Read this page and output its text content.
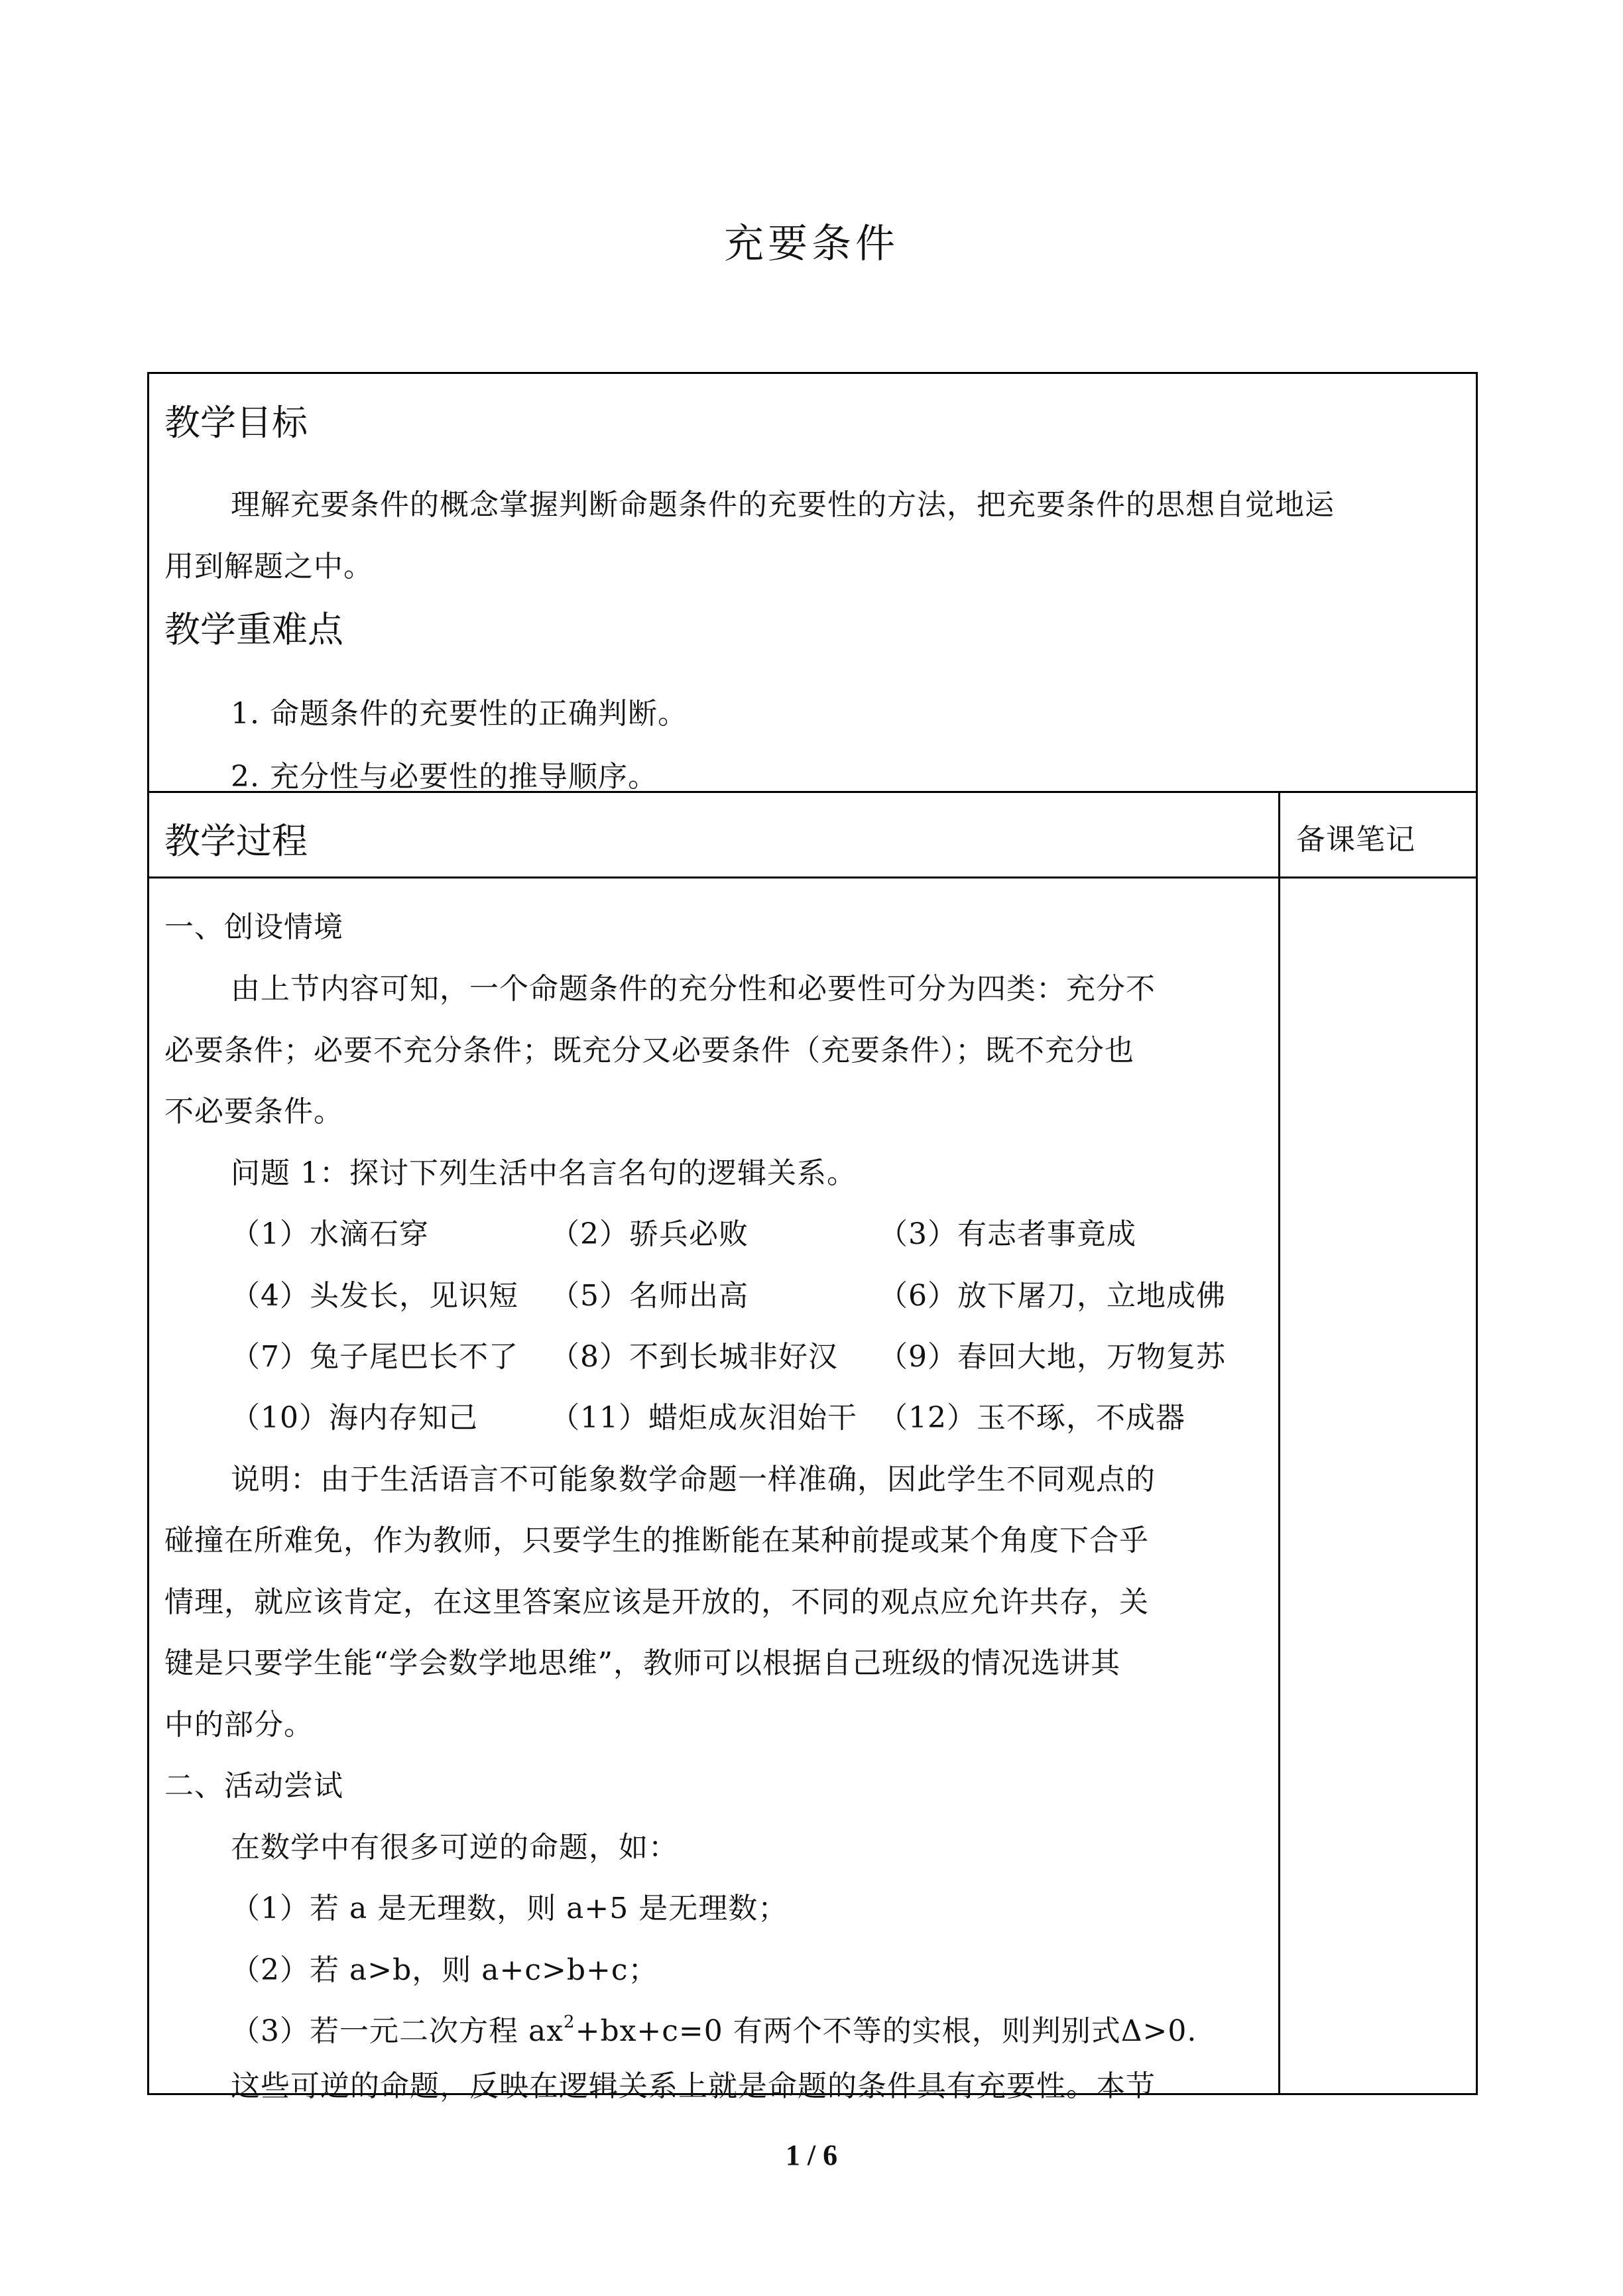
充要条件
教学目标
理解充要条件的概念掌握判断命题条件的充要性的方法，把充要条件的思想自觉地运
用到解题之中。
教学重难点
1. 命题条件的充要性的正确判断。
2. 充分性与必要性的推导顺序。
教学过程	备课笔记
一、创设情境
由上节内容可知，一个命题条件的充分性和必要性可分为四类：充分不
必要条件；必要不充分条件；既充分又必要条件（充要条件）；既不充分也
不必要条件。
问题 1：探讨下列生活中名言名句的逻辑关系。
（1）水滴石穿	（2）骄兵必败	（3）有志者事竟成
（4）头发长，见识短 （5）名师出高	（6）放下屠刀，立地成佛
（7）兔子尾巴长不了 （8）不到长城非好汉 （9）春回大地，万物复苏
（10）海内存知己 （11）蜡炬成灰泪始干 （12）玉不琢，不成器
说明：由于生活语言不可能象数学命题一样准确，因此学生不同观点的
碰撞在所难免，作为教师，只要学生的推断能在某种前提或某个角度下合乎
情理，就应该肯定，在这里答案应该是开放的，不同的观点应允许共存，关
键是只要学生能“学会数学地思维”，教师可以根据自己班级的情况选讲其
中的部分。
二、活动尝试
在数学中有很多可逆的命题，如：
（1）若 a 是无理数，则 a+5 是无理数；
（2）若 a>b，则 a+c>b+c；
（3）若一元二次方程 $ax^2+bx+c=0$ 有两个不等的实根，则判别式Δ>0.
这些可逆的命题，反映在逻辑关系上就是命题的条件具有充要性。本节
1 / 6
